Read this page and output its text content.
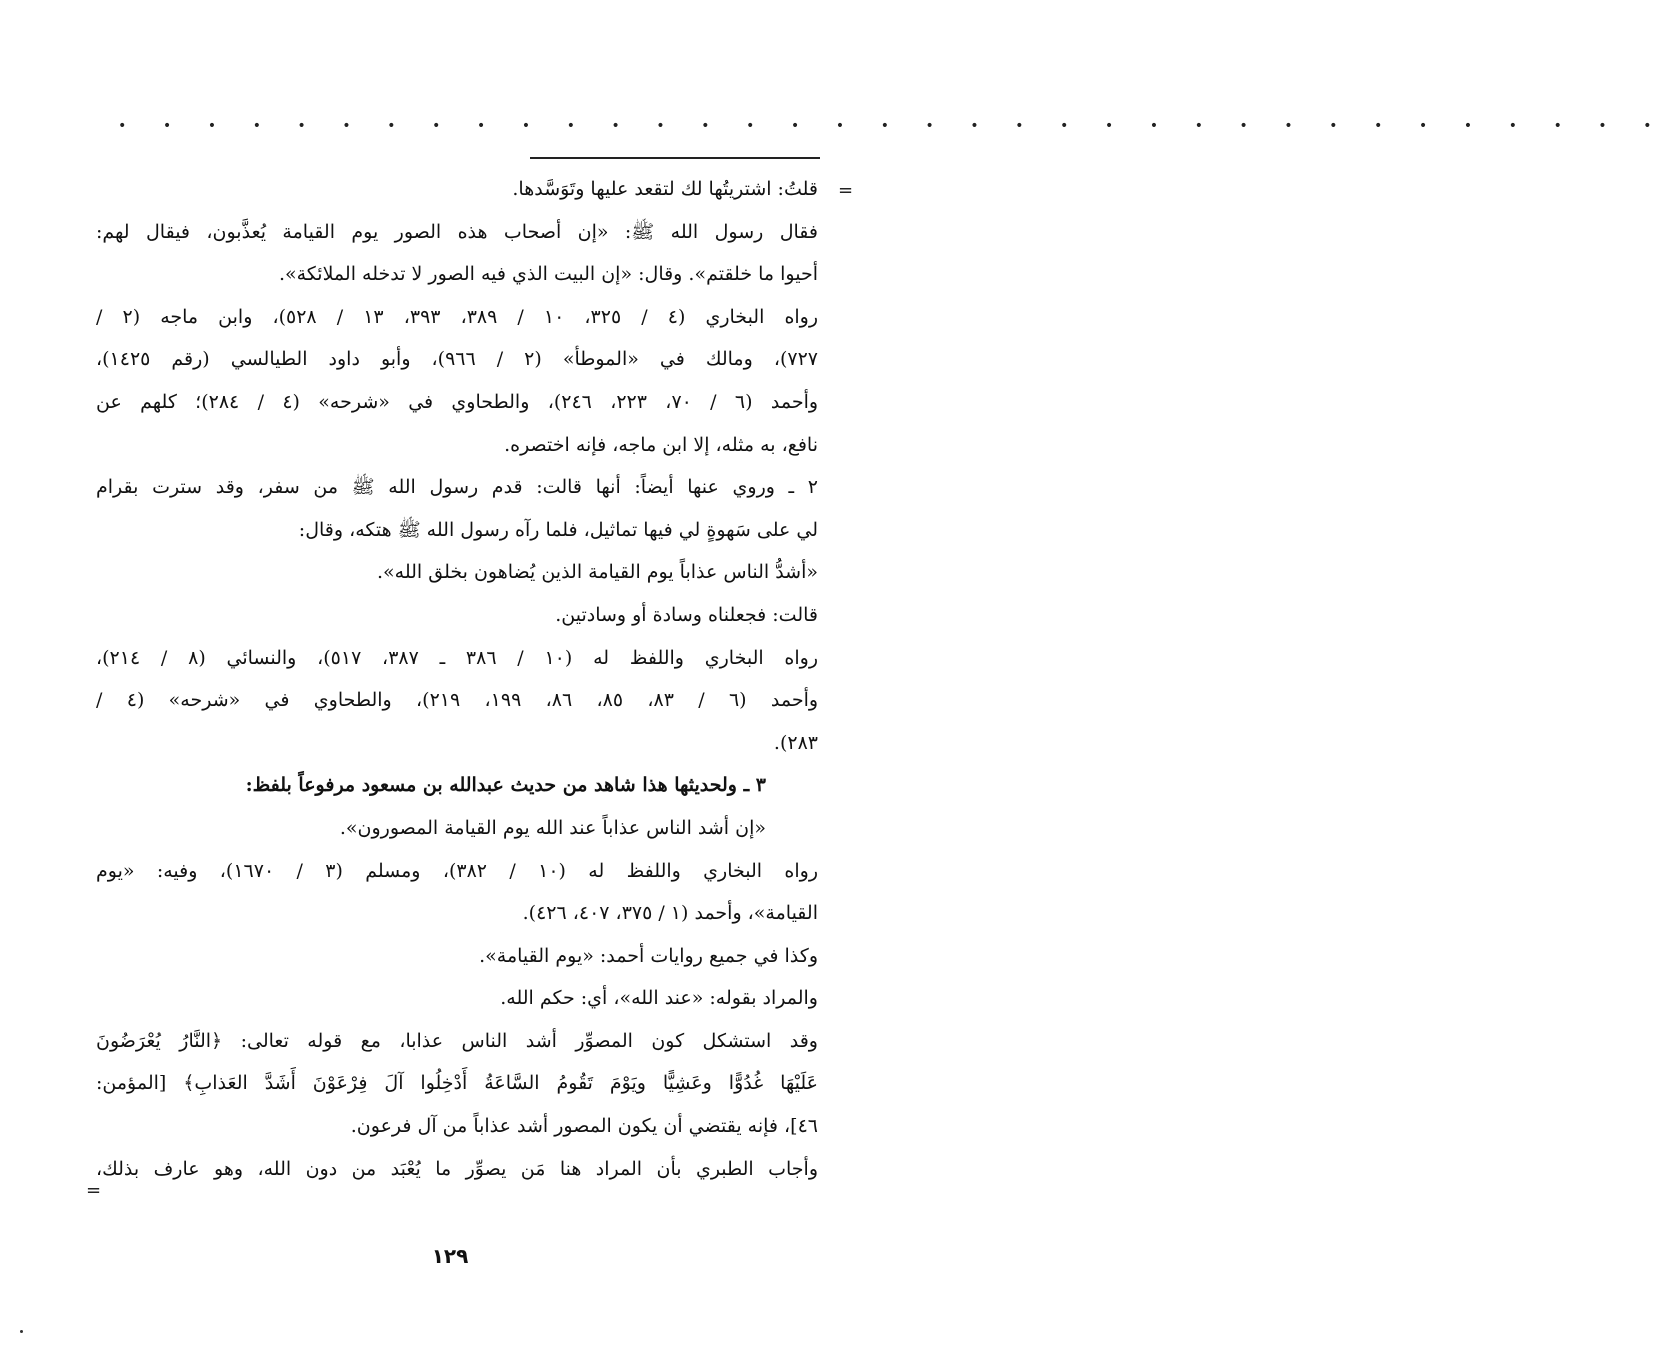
• • • • • • • • • • • • • • • • • • • • • • • • • • • • • • • • • • •
=
=
قلتُ: اشتريتُها لك لتقعد عليها وتَوَسَّدها.
فقال رسول الله ﷺ: «إن أصحاب هذه الصور يوم القيامة يُعذَّبون، فيقال لهم:
أحيوا ما خلقتم». وقال: «إن البيت الذي فيه الصور لا تدخله الملائكة».
رواه البخاري (٤ / ٣٢٥، ١٠ / ٣٨٩، ٣٩٣، ١٣ / ٥٢٨)، وابن ماجه (٢ /
٧٢٧)، ومالك في «الموطأ» (٢ / ٩٦٦)، وأبو داود الطيالسي (رقم ١٤٢٥)،
وأحمد (٦ / ٧٠، ٢٢٣، ٢٤٦)، والطحاوي في «شرحه» (٤ / ٢٨٤)؛ كلهم عن
نافع، به مثله، إلا ابن ماجه، فإنه اختصره.
٢ ـ وروي عنها أيضاً: أنها قالت: قدم رسول الله ﷺ من سفر، وقد سترت بقرام
لي على سَهوةٍ لي فيها تماثيل، فلما رآه رسول الله ﷺ هتكه، وقال:
«أشدُّ الناس عذاباً يوم القيامة الذين يُضاهون بخلق الله».
قالت: فجعلناه وسادة أو وسادتين.
رواه البخاري واللفظ له (١٠ / ٣٨٦ ـ ٣٨٧، ٥١٧)، والنسائي (٨ / ٢١٤)،
وأحمد (٦ / ٨٣، ٨٥، ٨٦، ١٩٩، ٢١٩)، والطحاوي في «شرحه» (٤ /
٢٨٣).
٣ ـ ولحديثها هذا شاهد من حديث عبدالله بن مسعود مرفوعاً بلفظ:
«إن أشد الناس عذاباً عند الله يوم القيامة المصورون».
رواه البخاري واللفظ له (١٠ / ٣٨٢)، ومسلم (٣ / ١٦٧٠)، وفيه: «يوم
القيامة»، وأحمد (١ / ٣٧٥، ٤٠٧، ٤٢٦).
وكذا في جميع روايات أحمد: «يوم القيامة».
والمراد بقوله: «عند الله»، أي: حكم الله.
وقد استشكل كون المصوِّر أشد الناس عذابا، مع قوله تعالى: ﴿النَّارُ يُعْرَضُونَ
عَلَيْهَا غُدُوًّا وعَشِيًّا ويَوْمَ تَقُومُ السَّاعَةُ أَدْخِلُوا آلَ فِرْعَوْنَ أَشَدَّ العَذابِ﴾ [المؤمن:
٤٦]، فإنه يقتضي أن يكون المصور أشد عذاباً من آل فرعون.
وأجاب الطبري بأن المراد هنا مَن يصوِّر ما يُعْبَد من دون الله، وهو عارف بذلك،
١٢٩
